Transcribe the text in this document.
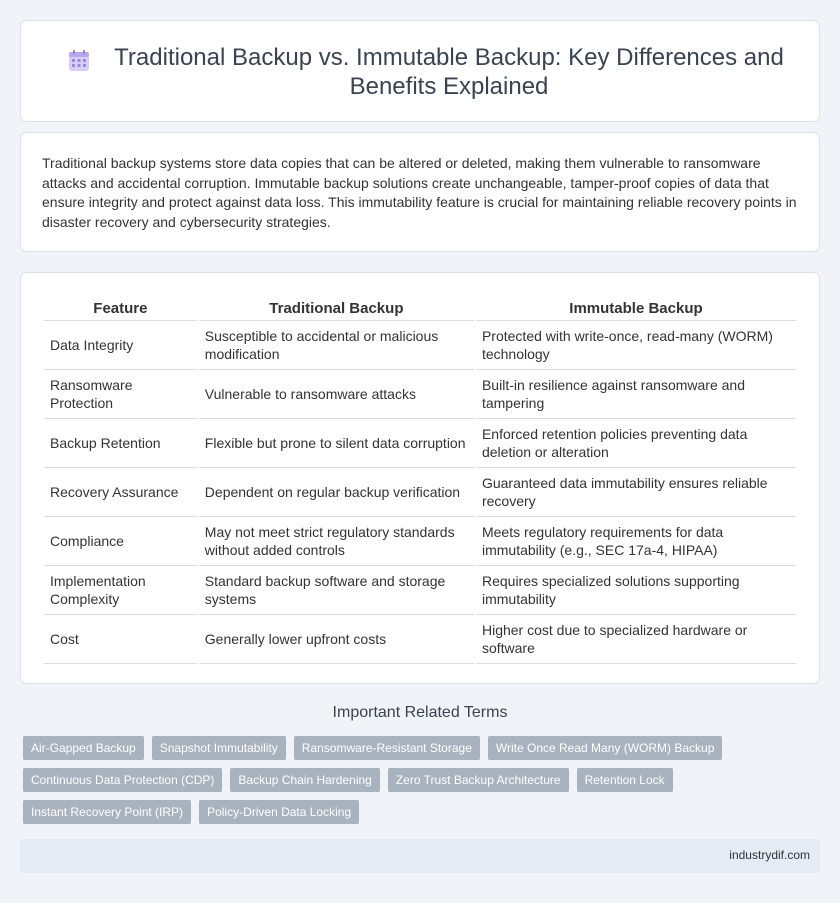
Traditional Backup vs. Immutable Backup: Key Differences and Benefits Explained

Traditional backup systems store data copies that can be altered or deleted, making them vulnerable to ransomware attacks and accidental corruption. Immutable backup solutions create unchangeable, tamper-proof copies of data that ensure integrity and protect against data loss. This immutability feature is crucial for maintaining reliable recovery points in disaster recovery and cybersecurity strategies.

Feature	Traditional Backup	Immutable Backup
Data Integrity	Susceptible to accidental or malicious modification	Protected with write-once, read-many (WORM) technology
Ransomware Protection	Vulnerable to ransomware attacks	Built-in resilience against ransomware and tampering
Backup Retention	Flexible but prone to silent data corruption	Enforced retention policies preventing data deletion or alteration
Recovery Assurance	Dependent on regular backup verification	Guaranteed data immutability ensures reliable recovery
Compliance	May not meet strict regulatory standards without added controls	Meets regulatory requirements for data immutability (e.g., SEC 17a-4, HIPAA)
Implementation Complexity	Standard backup software and storage systems	Requires specialized solutions supporting immutability
Cost	Generally lower upfront costs	Higher cost due to specialized hardware or software
Important Related Terms
Air-Gapped Backup	Snapshot Immutability	Ransomware-Resistant Storage	Write Once Read Many (WORM) Backup
Continuous Data Protection (CDP)	Backup Chain Hardening	Zero Trust Backup Architecture	Retention Lock
Instant Recovery Point (IRP)	Policy-Driven Data Locking
industrydif.com
